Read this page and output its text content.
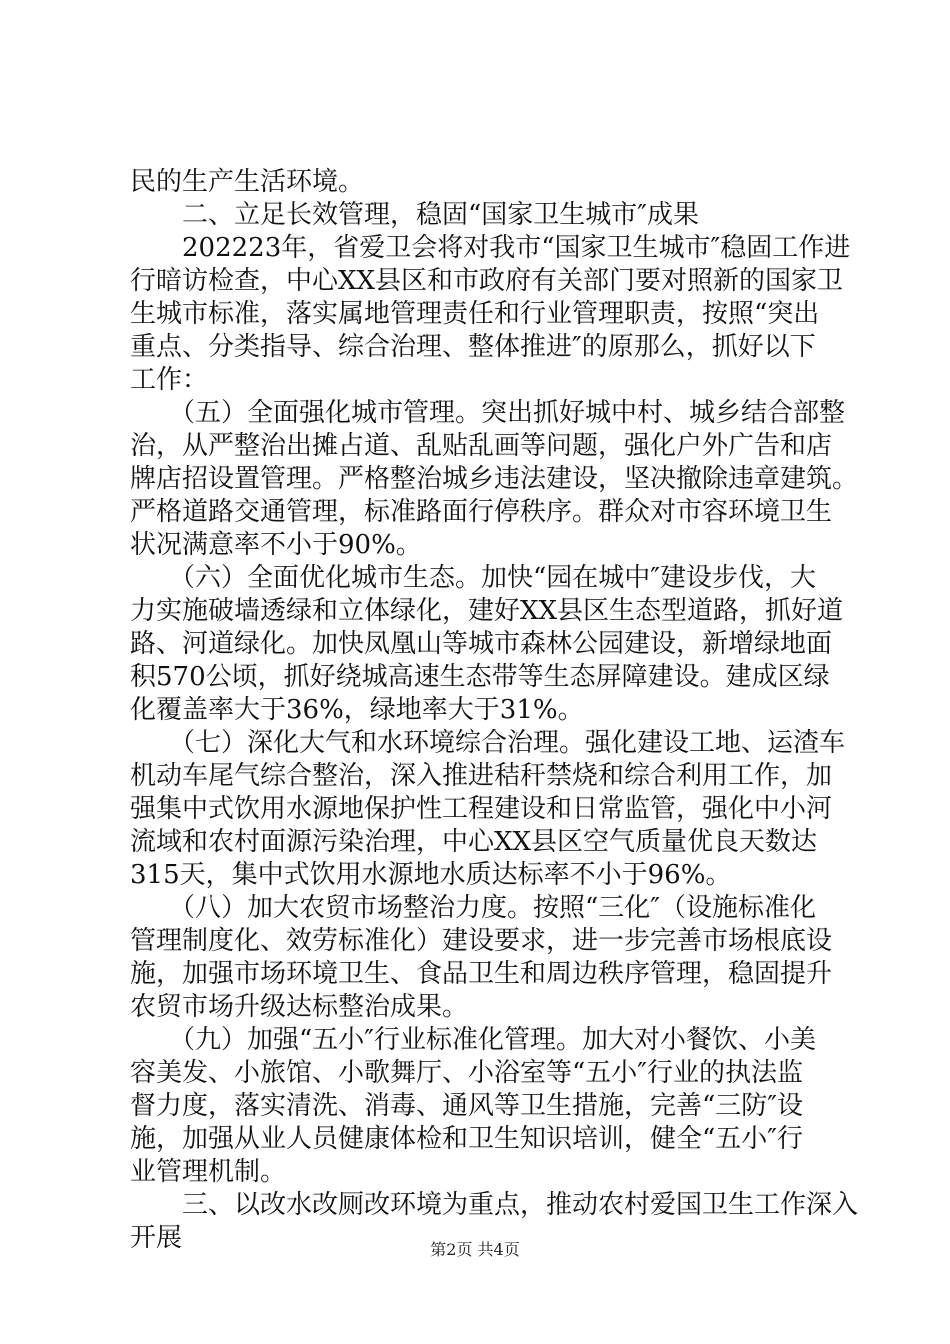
民的生产生活环境。
　　二、立足长效管理，稳固“国家卫生城市″成果
　　202223年，省爱卫会将对我市“国家卫生城市″稳固工作进
行暗访检查，中心XX县区和市政府有关部门要对照新的国家卫
生城市标准，落实属地管理责任和行业管理职责，按照“突出
重点、分类指导、综合治理、整体推进″的原那么，抓好以下
工作：
　　（五）全面强化城市管理。突出抓好城中村、城乡结合部整
治，从严整治出摊占道、乱贴乱画等问题，强化户外广告和店
牌店招设置管理。严格整治城乡违法建设，坚决撤除违章建筑。
严格道路交通管理，标准路面行停秩序。群众对市容环境卫生
状况满意率不小于90%。
　　（六）全面优化城市生态。加快“园在城中″建设步伐，大
力实施破墙透绿和立体绿化，建好XX县区生态型道路，抓好道
路、河道绿化。加快凤凰山等城市森林公园建设，新增绿地面
积570公顷，抓好绕城高速生态带等生态屏障建设。建成区绿
化覆盖率大于36%，绿地率大于31%。
　　（七）深化大气和水环境综合治理。强化建设工地、运渣车
机动车尾气综合整治，深入推进秸秆禁烧和综合利用工作，加
强集中式饮用水源地保护性工程建设和日常监管，强化中小河
流域和农村面源污染治理，中心XX县区空气质量优良天数达
315天，集中式饮用水源地水质达标率不小于96%。
　　（八）加大农贸市场整治力度。按照“三化″（设施标准化
管理制度化、效劳标准化）建设要求，进一步完善市场根底设
施，加强市场环境卫生、食品卫生和周边秩序管理，稳固提升
农贸市场升级达标整治成果。
　　（九）加强“五小″行业标准化管理。加大对小餐饮、小美
容美发、小旅馆、小歌舞厅、小浴室等“五小″行业的执法监
督力度，落实清洗、消毒、通风等卫生措施，完善“三防″设
施，加强从业人员健康体检和卫生知识培训，健全“五小″行
业管理机制。
　　三、以改水改厕改环境为重点，推动农村爱国卫生工作深入
开展	第2页 共4页
